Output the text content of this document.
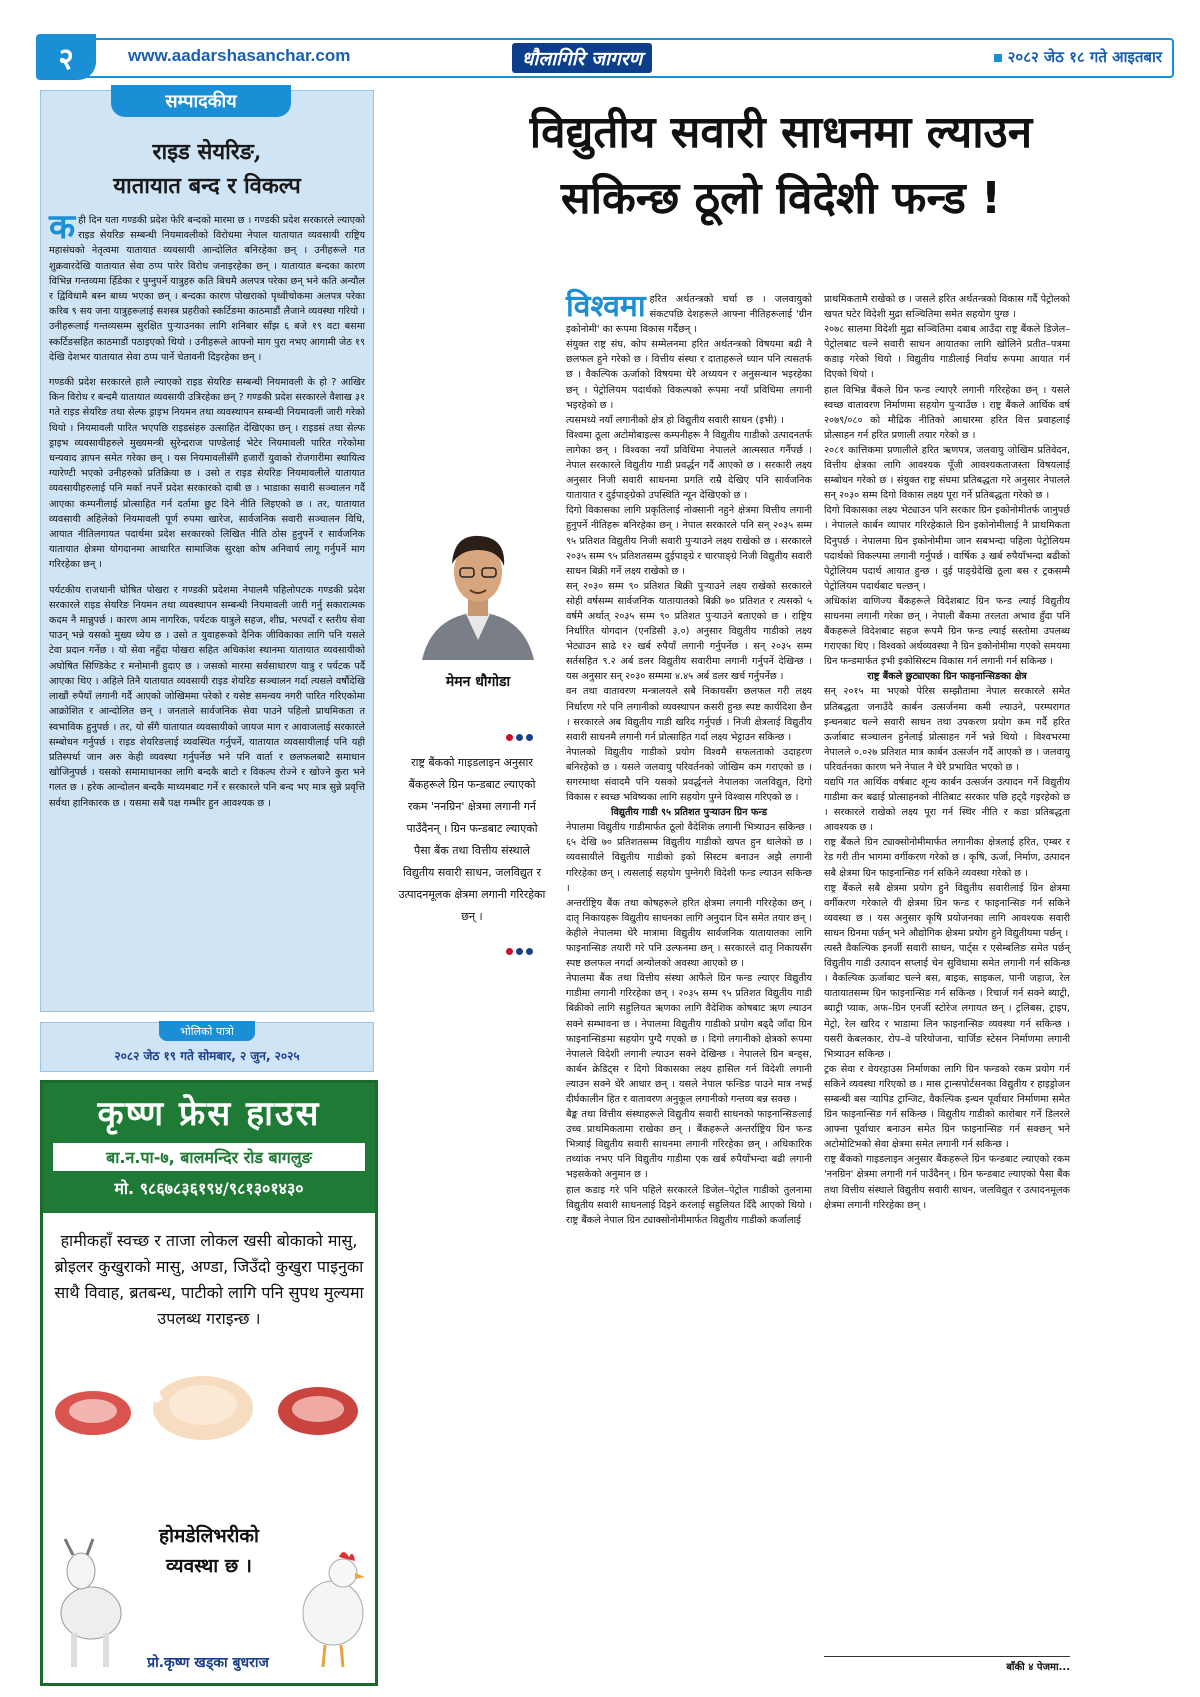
२	www.aadarshasanchar.com	धौलागिरि जागरण	२०८२ जेठ १८ गते आइतबार
सम्पादकीय
राइड सेयरिङ,
यातायात बन्द र विकल्प

कही दिन यता गण्डकी प्रदेश फेरि बन्दको मारमा छ । गण्डकी प्रदेश सरकारले ल्याएको राइड सेयरिङ सम्बन्धी नियमावलीको विरोधमा नेपाल यातायात व्यवसायी राष्ट्रिय महासंघको नेतृत्वमा यातायात व्यवसायी आन्दोलित बनिरहेका छन् । उनीहरूले गत शुक्रवारदेखि यातायात सेवा ठप्प पारेर विरोध जनाइरहेका छन् । यातायात बन्दका कारण विभिन्न गन्तव्यमा हिँडेका र पुग्नुपर्ने यात्रुहरु कति बिचमै अलपत्र परेका छन् भने कति अन्यौल र द्विविधामै बस्न बाध्य भएका छन् । बन्दका कारण पोखराको पृथ्वीचोकमा अलपत्र परेका करिब ९ सय जना यात्रुहरूलाई सशस्त्र प्रहरीको स्कर्टिङमा काठमाडौं लैजाने व्यवस्था गरियो । उनीहरूलाई गन्तव्यसम्म सुरक्षित पुर्‍याउनका लागि शनिबार साँझ ६ बजे १९ वटा बसमा स्कर्टिङसहित काठमाडौं पठाइएको थियो । उनीहरूले आफ्नो माग पुरा नभए आगामी जेठ १९ देखि देशभर यातायात सेवा ठप्प पार्ने चेतावनी दिइरहेका छन् ।

गण्डकी प्रदेश सरकारले हालै ल्याएको राइड सेयरिङ सम्बन्धी नियमावली के हो ? आखिर किन विरोध र बन्दमै यातायात व्यवसायी उत्रिरहेका छन् ? गण्डकी प्रदेश सरकारले वैशाख ३१ गते राइड सेयरिङ तथा सेल्फ ड्राइभ नियमन तथा व्यवस्थापन सम्बन्धी नियमावली जारी गरेको थियो । नियमावली पारित भएपछि राइडसंहरु उत्साहित देखिएका छन् । राइडसं तथा सेल्फ ड्राइभ व्यवसायीहरुले मुख्यमन्त्री सुरेन्द्रराज पाण्डेलाई भेटेर नियमावली पारित गरेकोमा धन्यवाद ज्ञापन समेत गरेका छन् । यस नियमावलीसँगै हजारौं युवाको रोजगारीमा स्थायित्व ग्यारेण्टी भएको उनीहरुको प्रतिक्रिया छ । उसो त राइड सेयरिङ नियमावलीले यातायात व्यवसायीहरुलाई पनि मर्का नपर्ने प्रदेश सरकारको दाबी छ । भाडाका सवारी सञ्चालन गर्दै आएका कम्पनीलाई प्रोत्साहित गर्न दर्तामा छुट दिने नीति लिइएको छ । तर, यातायात व्यवसायी अहिलेको नियमावली पूर्ण रुपमा खारेज, सार्वजनिक सवारी सञ्चालन विधि, आयात नीतिलगायत पदार्थमा प्रदेश सरकारको लिखित नीति ठोस हुनुपर्ने र सार्वजनिक यातायात क्षेत्रमा योगदानमा आधारित सामाजिक सुरक्षा कोष अनिवार्य लागू गर्नुपर्ने माग गरिरहेका छन् ।

पर्यटकीय राजधानी घोषित पोखरा र गण्डकी प्रदेशमा नेपालमै पहिलोपटक गण्डकी प्रदेश सरकारले राइड सेयरिङ नियमन तथा व्यवस्थापन सम्बन्धी नियमावली जारी गर्नु सकारात्मक कदम नै मान्नुपर्छ । कारण आम नागरिक, पर्यटक यात्रुले सहज, शीघ्र, भरपर्दो र स्तरीय सेवा पाउन् भन्ने यसको मुख्य ध्येय छ । उसो त युवाहरूको दैनिक जीविकाका लागि पनि यसले टेवा प्रदान गर्नेछ । यो सेवा नहुँदा पोखरा सहित अधिकांश स्थानमा यातायात व्यवसायीको अघोषित सिण्डिकेट र मनोमानी हुदाए छ । जसको मारमा सर्वसाधारण यात्रु र पर्यटक पर्दै आएका थिए । अहिले तिनै यातायात व्यवसायी राइड शेयरिङ सञ्चालन गर्दा त्यसले वर्षौदेखि लाखौं रुपैयाँ लगानी गर्दै आएको जोखिममा परेको र यसेष्ट समन्वय नगरी पारित गरिएकोमा आक्रोशित र आन्दोलित छन् । जनताले सार्वजनिक सेवा पाउने पहिलो प्राथमिकता त स्वभाविक हुनुपर्छ । तर, यो सँगै यातायात व्यवसायीको जायज माग र आवाजलाई सरकारले सम्बोधन गर्नुपर्छ । राइड शेयरिङलाई व्यवस्थित गर्नुपर्ने, यातायात व्यवसायीलाई पनि यही प्रतिस्पर्धा जान अरु केही व्यवस्था गर्नुपर्नेछ भने पनि वार्ता र छलफलबाटै समाधान खोजिनुपर्छ । यसको समामाधानका लागि बन्दकै बाटो र विकल्प रोज्ने र खोज्ने कुरा भने गलत छ । हरेक आन्दोलन बन्दकै माध्यमबाट गर्ने र सरकारले पनि बन्द भए मात्र सुन्ने प्रवृत्ति सर्वथा हानिकारक छ । यसमा सबै पक्ष गम्भीर हुन आवश्यक छ ।

भोलिको पात्रो
२०८२ जेठ १९ गते सोमबार, २ जुन, २०२५
कृष्ण फ्रेस हाउस
बा.न.पा-७, बालमन्दिर रोड बागलुङ
मो. ९८६७८३६१९४/९८१३०१४३०
हामीकहाँ स्वच्छ र ताजा लोकल खसी बोकाको मासु, ब्रोइलर कुखुराको मासु, अण्डा, जिउँदो कुखुरा पाइनुका साथै विवाह, ब्रतबन्ध, पाटीको लागि पनि सुपथ मुल्यमा उपलब्ध गराइन्छ ।
होमडेलिभरीको
व्यवस्था छ ।
प्रो.कृष्ण खड्का बुधराज
विद्युतीय सवारी साधनमा ल्याउन
सकिन्छ ठूलो विदेशी फन्ड !
मेमन धौगोडा
राष्ट्र बैंकको गाइडलाइन अनुसार बैंकहरूले ग्रिन फन्डबाट ल्याएको रकम 'ननग्रिन' क्षेत्रमा लगानी गर्न पाउँदैनन् । ग्रिन फन्डबाट ल्याएको पैसा बैंक तथा वित्तीय संस्थाले विद्युतीय सवारी साधन, जलविद्युत र उत्पादनमूलक क्षेत्रमा लगानी गरिरहेका छन् ।

विश्वमा हरित अर्थतन्त्रको चर्चा छ । जलवायुको संकटपछि देशहरूले आफ्ना नीतिहरूलाई 'ग्रीन इकोनोमी' का रूपमा विकास गर्दैछन् ।

संयुक्त राष्ट्र संघ, कोप सम्मेलनमा हरित अर्थतन्त्रको विषयमा बढी नै छलफल हुने गरेको छ । वित्तीय संस्था र दाताहरूले ध्यान पनि त्यसतर्फ छ । वैकल्पिक ऊर्जाको विषयमा धेरै अध्ययन र अनुसन्धान भइरहेका छन् । पेट्रोलियम पदार्थको विकल्पको रूपमा नयाँ प्रविधिमा लगानी भइरहेको छ ।

त्यसमध्ये नयाँ लगानीको क्षेत्र हो विद्युतीय सवारी साधन (इभी) ।

विश्वमा ठूला अटोमोबाइल्स कम्पनीहरू नै विद्युतीय गाडीको उत्पादनतर्फ लागेका छन् । विश्वका नयाँ प्रविधिमा नेपालले आत्मसात गर्नैपर्छ । नेपाल सरकारले विद्युतीय गाडी प्रवर्द्धन गर्दै आएको छ । सरकारी लक्ष्य अनुसार निजी सवारी साधनमा प्रगति राम्रै देखिए पनि सार्वजनिक यातायात र दुईपाङ्ग्रेको उपस्थिति न्यून देखिएको छ ।

दिगो विकासका लागि प्रकृतिलाई नोक्सानी नहुने क्षेत्रमा वित्तीय लगानी हुनुपर्ने नीतिहरू बनिरहेका छन् । नेपाल सरकारले पनि सन् २०३५ सम्म ९५ प्रतिशत विद्युतीय निजी सवारी पुर्‍याउने लक्ष्य राखेको छ । सरकारले २०३५ सम्म ९५ प्रतिशतसम्म दुईपाङ्ग्रे र चारपाङ्ग्रे निजी विद्युतीय सवारी साधन बिक्री गर्ने लक्ष्य राखेको छ ।

सन् २०३० सम्म ९० प्रतिशत बिक्री पुर्‍याउने लक्ष्य राखेको सरकारले सोही वर्षसम्म सार्वजनिक यातायातको बिक्री ७० प्रतिशत र त्यसको ५ वर्षमै अर्थात् २०३५ सम्म ९० प्रतिशत पुर्‍याउने बताएको छ । राष्ट्रिय निर्धारित योगदान (एनडिसी ३.०) अनुसार विद्युतीय गाडीको लक्ष्य भेट्याउन साढे १२ खर्ब रुपैयाँ लगानी गर्नुपर्नेछ । सन् २०३५ सम्म सर्तसहित ९.२ अर्ब डलर विद्युतीय सवारीमा लगानी गर्नुपर्ने देखिन्छ । यस अनुसार सन् २०३० सम्ममा ४.४५ अर्ब डलर खर्च गर्नुपर्नेछ ।

वन तथा वातावरण मन्त्रालयले सबै निकायसँग छलफल गरी लक्ष्य निर्धारण गरे पनि लगानीको व्यवस्थापन कसरी हुन्छ स्पष्ट कार्यदिशा छैन । सरकारले अब विद्युतीय गाडी खरिद गर्नुपर्छ । निजी क्षेत्रलाई विद्युतीय सवारी साधनमै लगानी गर्न प्रोत्साहित गर्दा लक्ष्य भेट्टाउन सकिन्छ ।

नेपालको विद्युतीय गाडीको प्रयोग विश्वमै सफलताको उदाहरण बनिरहेको छ । यसले जलवायु परिवर्तनको जोखिम कम गराएको छ । सगरमाथा संवादमै पनि यसको प्रवर्द्धनले नेपालका जलविद्युत, दिगो विकास र स्वच्छ भविष्यका लागि सहयोग पुग्ने विश्वास गरिएको छ ।

विद्युतीय गाडी ९५ प्रतिशत पुर्‍याउन ग्रिन फन्ड

नेपालमा विद्युतीय गाडीमार्फत ठूलो वैदेशिक लगानी भित्र्याउन सकिन्छ । ६५ देखि ७० प्रतिशतसम्म विद्युतीय गाडीको खपत हुन थालेको छ । व्यवसायीले विद्युतीय गाडीको इको सिस्टम बनाउन अझै लगानी गरिरहेका छन् । त्यसलाई सहयोग पुग्नेगरी विदेशी फन्ड ल्याउन सकिन्छ ।

अन्तर्राष्ट्रिय बैंक तथा कोषहरूले हरित क्षेत्रमा लगानी गरिरहेका छन् । दातृ निकायहरू विद्युतीय साधनका लागि अनुदान दिन समेत तयार छन् । केहीले नेपालमा धेरै मात्रामा विद्युतीय सार्वजनिक यातायातका लागि फाइनान्सिङ तयारी गरे पनि उल्फनमा छन् । सरकारले दातृ निकायसँग स्पष्ट छलफल नगर्दा अन्योलको अवस्था आएको छ ।

नेपालमा बैंक तथा वित्तीय संस्था आफैले ग्रिन फन्ड ल्याएर विद्युतीय गाडीमा लगानी गरिरहेका छन् । २०३५ सम्म ९५ प्रतिशत विद्युतीय गाडी बिक्रीको लागि सहुलियत ऋणका लागि वैदेशिक कोषबाट ऋण ल्याउन सक्ने सम्भावना छ । नेपालमा विद्युतीय गाडीको प्रयोग बढ्दै जाँदा ग्रिन फाइनान्सिङमा सहयोग पुग्दै गएको छ । दिगो लगानीको क्षेत्रको रूपमा नेपालले विदेशी लगानी ल्याउन सक्ने देखिन्छ । नेपालले ग्रिन बन्ड्स, कार्बन क्रेडिट्स र दिगो विकासका लक्ष्य हासिल गर्न विदेशी लगानी ल्याउन सक्ने धेरै आधार छन् । यसले नेपाल फन्डिङ पाउने मात्र नभई दीर्घकालीन हित र वातावरण अनुकूल लगानीको गन्तव्य बन्न सक्छ ।

बैङ्क तथा वित्तीय संस्थाहरूले विद्युतीय सवारी साधनको फाइनान्सिङलाई उच्च प्राथमिकतामा राखेका छन् । बैंकहरूले अन्तर्राष्ट्रिय ग्रिन फन्ड भित्र्याई विद्युतीय सवारी साधनमा लगानी गरिरहेका छन् । अधिकारिक तथ्यांक नभए पनि विद्युतीय गाडीमा एक खर्ब रुपैयाँभन्दा बढी लगानी भइसकेको अनुमान छ ।

हाल कडाइ गरे पनि पहिले सरकारले डिजेल–पेट्रोल गाडीको तुलनामा विद्युतीय सवारी साधनलाई दिइने करलाई सहुलियत दिँदै आएको थियो । राष्ट्र बैंकले नेपाल ग्रिन ट्याक्सोनोमीमार्फत विद्युतीय गाडीको कर्जालाई

प्राथमिकतामै राखेको छ । जसले हरित अर्थतन्त्रको विकास गर्दै पेट्रोलको खपत घटेर विदेशी मुद्रा सञ्चितिमा समेत सहयोग पुग्छ ।

२०७८ सालमा विदेशी मुद्रा सञ्चितिमा दबाब आउँदा राष्ट्र बैंकले डिजेल–पेट्रोलबाट चल्ने सवारी साधन आयातका लागि खोलिने प्रतीत–पत्रमा कडाइ गरेको थियो । विद्युतीय गाडीलाई निर्वाध रूपमा आयात गर्न दिएको थियो ।

हाल विभिन्न बैंकले ग्रिन फन्ड ल्याएरै लगानी गरिरहेका छन् । यसले स्वच्छ वातावरण निर्माणमा सहयोग पुर्‍याउँछ । राष्ट्र बैंकले आर्थिक वर्ष २०७९/०८० को मौद्रिक नीतिको आधारमा हरित वित्त प्रवाहलाई प्रोत्साहन गर्न हरित प्रणाली तयार गरेको छ ।

२०८१ कात्तिकमा प्रणालीले हरित ऋणपत्र, जलवायु जोखिम प्रतिवेदन, वित्तीय क्षेत्रका लागि आवश्यक पूँजी आवश्यकताजस्ता विषयलाई सम्बोधन गरेको छ । संयुक्त राष्ट्र संघमा प्रतिबद्धता गरे अनुसार नेपालले सन् २०३० सम्म दिगो विकास लक्ष्य पूरा गर्ने प्रतिबद्धता गरेको छ ।

दिगो विकासका लक्ष्य भेट्याउन पनि सरकार ग्रिन इकोनोमीतर्फ जानुपर्छ । नेपालले कार्बन व्यापार गरिरहेकाले ग्रिन इकोनोमीलाई नै प्राथमिकता दिनुपर्छ । नेपालमा ग्रिन इकोनोमीमा जान सबभन्दा पहिला पेट्रोलियम पदार्थको विकल्पमा लगानी गर्नुपर्छ । वार्षिक ३ खर्ब रुपैयाँभन्दा बढीको पेट्रोलियम पदार्थ आयात हुन्छ । दुई पाङ्ग्रेदेखि ठूला बस र ट्रकसम्मै पेट्रोलियम पदार्थबाट चल्छन् ।

अधिकांश वाणिज्य बैंकहरूले विदेशबाट ग्रिन फन्ड ल्याई विद्युतीय साधनमा लगानी गरेका छन् । नेपाली बैंकमा तरलता अभाव हुँदा पनि बैंकहरूले विदेशबाट सहज रूपमै ग्रिन फन्ड ल्याई सस्तोमा उपलब्ध गराएका थिए । विश्वको अर्थव्यवस्था नै ग्रिन इकोनोमीमा गएको समयमा ग्रिन फन्डमार्फत इभी इकोसिस्टम विकास गर्न लगानी गर्न सकिन्छ ।

राष्ट्र बैंकले छुट्याएका ग्रिन फाइनान्सिङका क्षेत्र

सन् २०१५ मा भएको पेरिस सम्झौतामा नेपाल सरकारले समेत प्रतिबद्धता जनाउँदै कार्बन उत्सर्जनमा कमी ल्याउने, परम्परागत इन्धनबाट चल्ने सवारी साधन तथा उपकरण प्रयोग कम गर्दै हरित ऊर्जाबाट सञ्चालन हुनेलाई प्रोत्साहन गर्ने भन्ने थियो । विश्वभरमा नेपालले ०.०२७ प्रतिशत मात्र कार्बन उत्सर्जन गर्दै आएको छ । जलवायु परिवर्तनका कारण भने नेपाल नै धेरै प्रभावित भएको छ ।

यद्यपि गत आर्थिक वर्षबाट शून्य कार्बन उत्सर्जन उत्पादन गर्ने विद्युतीय गाडीमा कर बढाई प्रोत्साहनको नीतिबाट सरकार पछि हट्दै गइरहेको छ । सरकारले राखेको लक्ष्य पूरा गर्न स्थिर नीति र कडा प्रतिबद्धता आवश्यक छ ।

राष्ट्र बैंकले ग्रिन ट्याक्सोनोमीमार्फत लगानीका क्षेत्रलाई हरित, एम्बर र रेड गरी तीन भागमा वर्गीकरण गरेको छ । कृषि, ऊर्जा, निर्माण, उत्पादन सबै क्षेत्रमा ग्रिन फाइनान्सिङ गर्न सकिने व्यवस्था गरेको छ ।

राष्ट्र बैंकले सबै क्षेत्रमा प्रयोग हुने विद्युतीय सवारीलाई ग्रिन क्षेत्रमा वर्गीकरण गरेकाले यी क्षेत्रमा ग्रिन फन्ड र फाइनान्सिङ गर्न सकिने व्यवस्था छ । यस अनुसार कृषि प्रयोजनका लागि आवश्यक सवारी साधन ग्रिनमा पर्छन् भने औद्योगिक क्षेत्रमा प्रयोग हुने विद्युतीयमा पर्छन् ।

त्यस्तै वैकल्पिक इनर्जी सवारी साधन, पार्ट्स र एसेम्बलिङ समेत पर्छन् विद्युतीय गाडी उत्पादन सप्लाई चेन सुविधामा समेत लगानी गर्न सकिन्छ । वैकल्पिक ऊर्जाबाट चल्ने बस, बाइक, साइकल, पानी जहाज, रेल यातायातसम्म ग्रिन फाइनान्सिङ गर्न सकिन्छ । रिचार्ज गर्न सक्ने ब्याट्री, ब्याट्री प्याक, अफ–ग्रिन एनर्जी स्टोरेज लगायत छन् । ट्रलिबस, ट्राइप, मेट्रो, रेल खरिद र भाडामा लिन फाइनान्सिङ व्यवस्था गर्न सकिन्छ । यसरी केबलकार, रोप–वे परियोजना, चार्जिङ स्टेसन निर्माणमा लगानी भित्र्याउन सकिन्छ ।

ट्रक सेवा र वेयरहाउस निर्माणका लागि ग्रिन फन्डको रकम प्रयोग गर्न सकिने व्यवस्था गरिएको छ । मास ट्रान्सपोर्टसनका विद्युतीय र हाइड्रोजन सम्बन्धी बस र्‍यापिड ट्रान्जिट, वैकल्पिक इन्धन पूर्वाधार निर्माणमा समेत ग्रिन फाइनान्सिङ गर्न सकिन्छ । विद्युतीय गाडीको कारोबार गर्ने डिलरले आफ्ना पूर्वाधार बनाउन समेत ग्रिन फाइनान्सिङ गर्न सक्छन् भने अटोमोटिभको सेवा क्षेत्रमा समेत लगानी गर्न सकिन्छ ।

राष्ट्र बैंकको गाइडलाइन अनुसार बैंकहरूले ग्रिन फन्डबाट ल्याएको रकम 'ननग्रिन' क्षेत्रमा लगानी गर्न पाउँदैनन् । ग्रिन फन्डबाट ल्याएको पैसा बैंक तथा वित्तीय संस्थाले विद्युतीय सवारी साधन, जलविद्युत र उत्पादनमूलक क्षेत्रमा लगानी गरिरहेका छन् ।

बाँकी ४ पेजमा...
